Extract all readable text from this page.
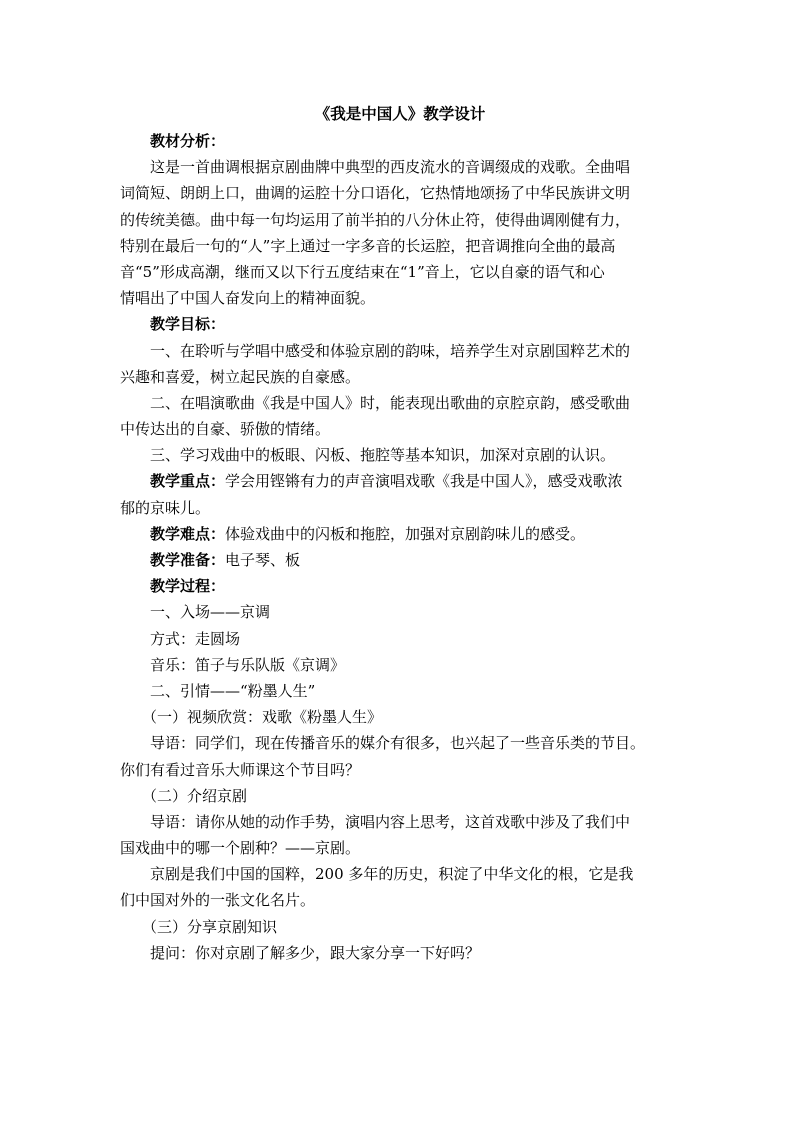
《我是中国人》教学设计

教材分析：

这是一首曲调根据京剧曲牌中典型的西皮流水的音调缀成的戏歌。全曲唱

词简短、朗朗上口，曲调的运腔十分口语化，它热情地颂扬了中华民族讲文明

的传统美德。曲中每一句均运用了前半拍的八分休止符，使得曲调刚健有力，

特别在最后一句的“人”字上通过一字多音的长运腔，把音调推向全曲的最高

音“5”形成高潮，继而又以下行五度结束在“1”音上，它以自豪的语气和心

情唱出了中国人奋发向上的精神面貌。

教学目标：

一、在聆听与学唱中感受和体验京剧的韵味，培养学生对京剧国粹艺术的

兴趣和喜爱，树立起民族的自豪感。

二、在唱演歌曲《我是中国人》时，能表现出歌曲的京腔京韵，感受歌曲

中传达出的自豪、骄傲的情绪。

三、学习戏曲中的板眼、闪板、拖腔等基本知识，加深对京剧的认识。

教学重点：学会用铿锵有力的声音演唱戏歌《我是中国人》，感受戏歌浓

郁的京味儿。

教学难点：体验戏曲中的闪板和拖腔，加强对京剧韵味儿的感受。

教学准备：电子琴、板

教学过程：

一、入场——京调

方式：走圆场

音乐：笛子与乐队版《京调》

二、引情——“粉墨人生”

（一）视频欣赏：戏歌《粉墨人生》

导语：同学们，现在传播音乐的媒介有很多，也兴起了一些音乐类的节目。

你们有看过音乐大师课这个节目吗？

（二）介绍京剧

导语：请你从她的动作手势，演唱内容上思考，这首戏歌中涉及了我们中

国戏曲中的哪一个剧种？——京剧。

京剧是我们中国的国粹，200 多年的历史，积淀了中华文化的根，它是我

们中国对外的一张文化名片。

（三）分享京剧知识

提问：你对京剧了解多少，跟大家分享一下好吗？
